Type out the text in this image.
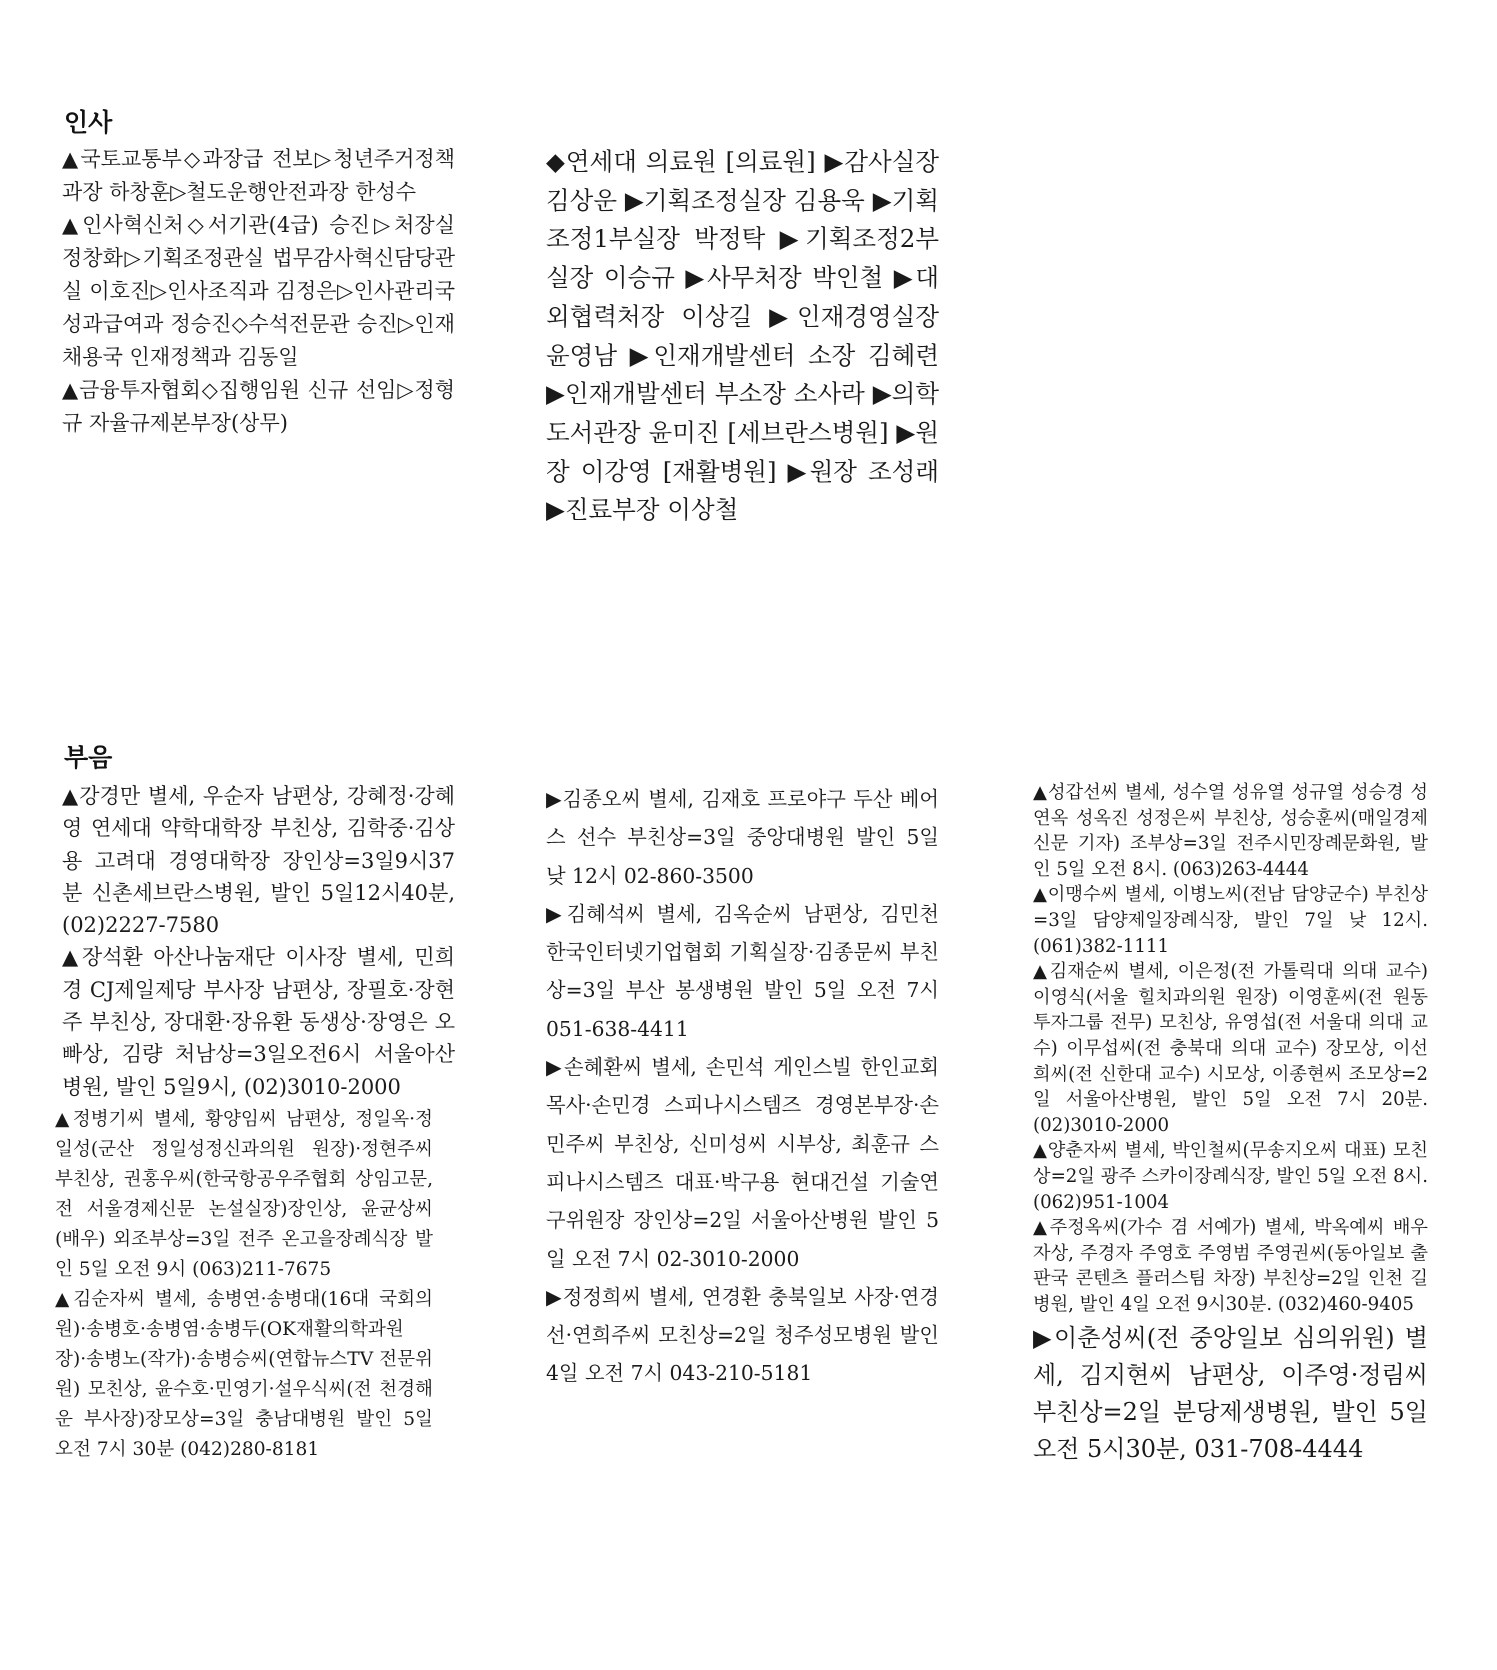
인사

▲국토교통부◇과장급 전보▷청년주거정책과장 하창훈▷철도운행안전과장 한성수

▲인사혁신처◇서기관(4급) 승진▷처장실 정창화▷기획조정관실 법무감사혁신담당관실 이호진▷인사조직과 김정은▷인사관리국 성과급여과 정승진◇수석전문관 승진▷인재채용국 인재정책과 김동일

▲금융투자협회◇집행임원 신규 선임▷정형규 자율규제본부장(상무)

◆연세대 의료원 [의료원] ▶감사실장 김상운 ▶기획조정실장 김용욱 ▶기획조정1부실장 박정탁 ▶기획조정2부실장 이승규 ▶사무처장 박인철 ▶대외협력처장 이상길 ▶인재경영실장 윤영남 ▶인재개발센터 소장 김혜련 ▶인재개발센터 부소장 소사라 ▶의학도서관장 윤미진 [세브란스병원] ▶원장 이강영 [재활병원] ▶원장 조성래 ▶진료부장 이상철

부음

▲강경만 별세, 우순자 남편상, 강혜정·강혜영 연세대 약학대학장 부친상, 김학중·김상용 고려대 경영대학장 장인상=3일9시37분 신촌세브란스병원, 발인 5일12시40분, (02)2227-7580

▲장석환 아산나눔재단 이사장 별세, 민희경 CJ제일제당 부사장 남편상, 장필호·장현주 부친상, 장대환·장유환 동생상·장영은 오빠상, 김량 처남상=3일오전6시 서울아산병원, 발인 5일9시, (02)3010-2000

▲정병기씨 별세, 황양임씨 남편상, 정일옥·정일성(군산 정일성정신과의원 원장)·정현주씨 부친상, 권홍우씨(한국항공우주협회 상임고문, 전 서울경제신문 논설실장)장인상, 윤균상씨(배우) 외조부상=3일 전주 온고을장례식장 발인 5일 오전 9시 (063)211-7675

▲김순자씨 별세, 송병연·송병대(16대 국회의원)·송병호·송병염·송병두(OK재활의학과원장)·송병노(작가)·송병승씨(연합뉴스TV 전문위원) 모친상, 윤수호·민영기·설우식씨(전 천경해운 부사장)장모상=3일 충남대병원 발인 5일 오전 7시 30분 (042)280-8181

▶김종오씨 별세, 김재호 프로야구 두산 베어스 선수 부친상=3일 중앙대병원 발인 5일 낮 12시 02-860-3500

▶김혜석씨 별세, 김옥순씨 남편상, 김민천 한국인터넷기업협회 기획실장·김종문씨 부친상=3일 부산 봉생병원 발인 5일 오전 7시 051-638-4411

▶손혜환씨 별세, 손민석 게인스빌 한인교회 목사·손민경 스피나시스템즈 경영본부장·손민주씨 부친상, 신미성씨 시부상, 최훈규 스피나시스템즈 대표·박구용 현대건설 기술연구위원장 장인상=2일 서울아산병원 발인 5일 오전 7시 02-3010-2000

▶정정희씨 별세, 연경환 충북일보 사장·연경선·연희주씨 모친상=2일 청주성모병원 발인 4일 오전 7시 043-210-5181

▲성갑선씨 별세, 성수열 성유열 성규열 성승경 성연옥 성옥진 성정은씨 부친상, 성승훈씨(매일경제신문 기자) 조부상=3일 전주시민장례문화원, 발인 5일 오전 8시. (063)263-4444

▲이맹수씨 별세, 이병노씨(전남 담양군수) 부친상=3일 담양제일장례식장, 발인 7일 낮 12시. (061)382-1111

▲김재순씨 별세, 이은정(전 가톨릭대 의대 교수) 이영식(서울 힐치과의원 원장) 이영훈씨(전 원동투자그룹 전무) 모친상, 유영섭(전 서울대 의대 교수) 이무섭씨(전 충북대 의대 교수) 장모상, 이선희씨(전 신한대 교수) 시모상, 이종현씨 조모상=2일 서울아산병원, 발인 5일 오전 7시 20분. (02)3010-2000

▲양춘자씨 별세, 박인철씨(무송지오씨 대표) 모친상=2일 광주 스카이장례식장, 발인 5일 오전 8시. (062)951-1004

▲주정옥씨(가수 겸 서예가) 별세, 박옥예씨 배우자상, 주경자 주영호 주영범 주영권씨(동아일보 출판국 콘텐츠 플러스팀 차장) 부친상=2일 인천 길병원, 발인 4일 오전 9시30분. (032)460-9405

▶이춘성씨(전 중앙일보 심의위원) 별세, 김지현씨 남편상, 이주영·정림씨 부친상=2일 분당제생병원, 발인 5일 오전 5시30분, 031-708-4444
